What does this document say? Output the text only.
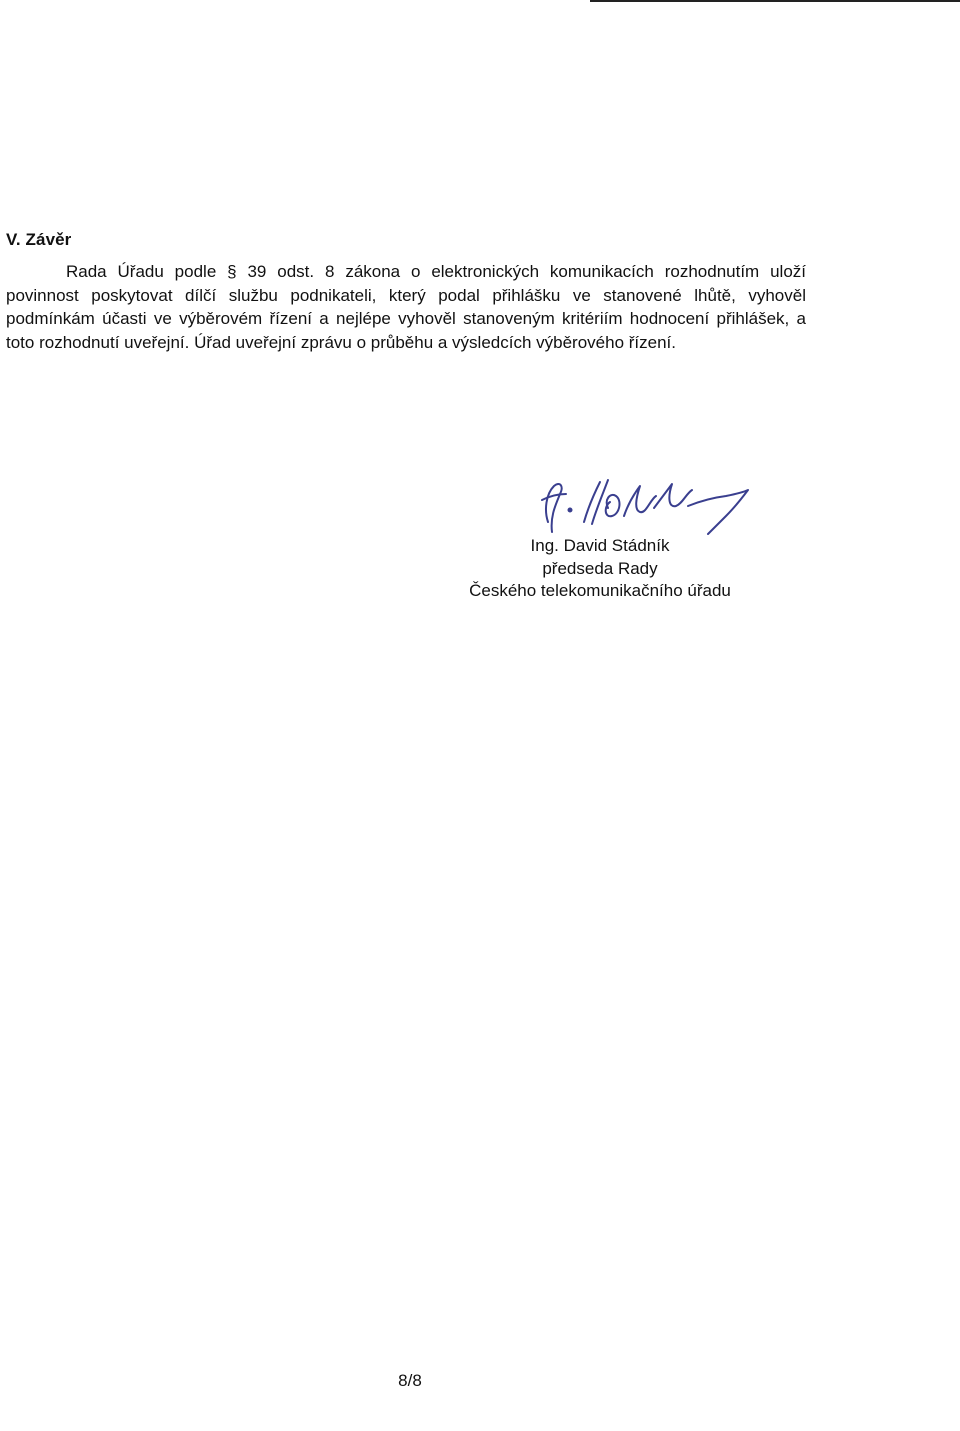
V. Závěr

Rada Úřadu podle § 39 odst. 8 zákona o elektronických komunikacích rozhodnutím uloží povinnost poskytovat dílčí službu podnikateli, který podal přihlášku ve stanovené lhůtě, vyhověl podmínkám účasti ve výběrovém řízení a nejlépe vyhověl stanoveným kritériím hodnocení přihlášek, a toto rozhodnutí uveřejní. Úřad uveřejní zprávu o průběhu a výsledcích výběrového řízení.

Ing. David Stádník
předseda Rady
Českého telekomunikačního úřadu
8/8
